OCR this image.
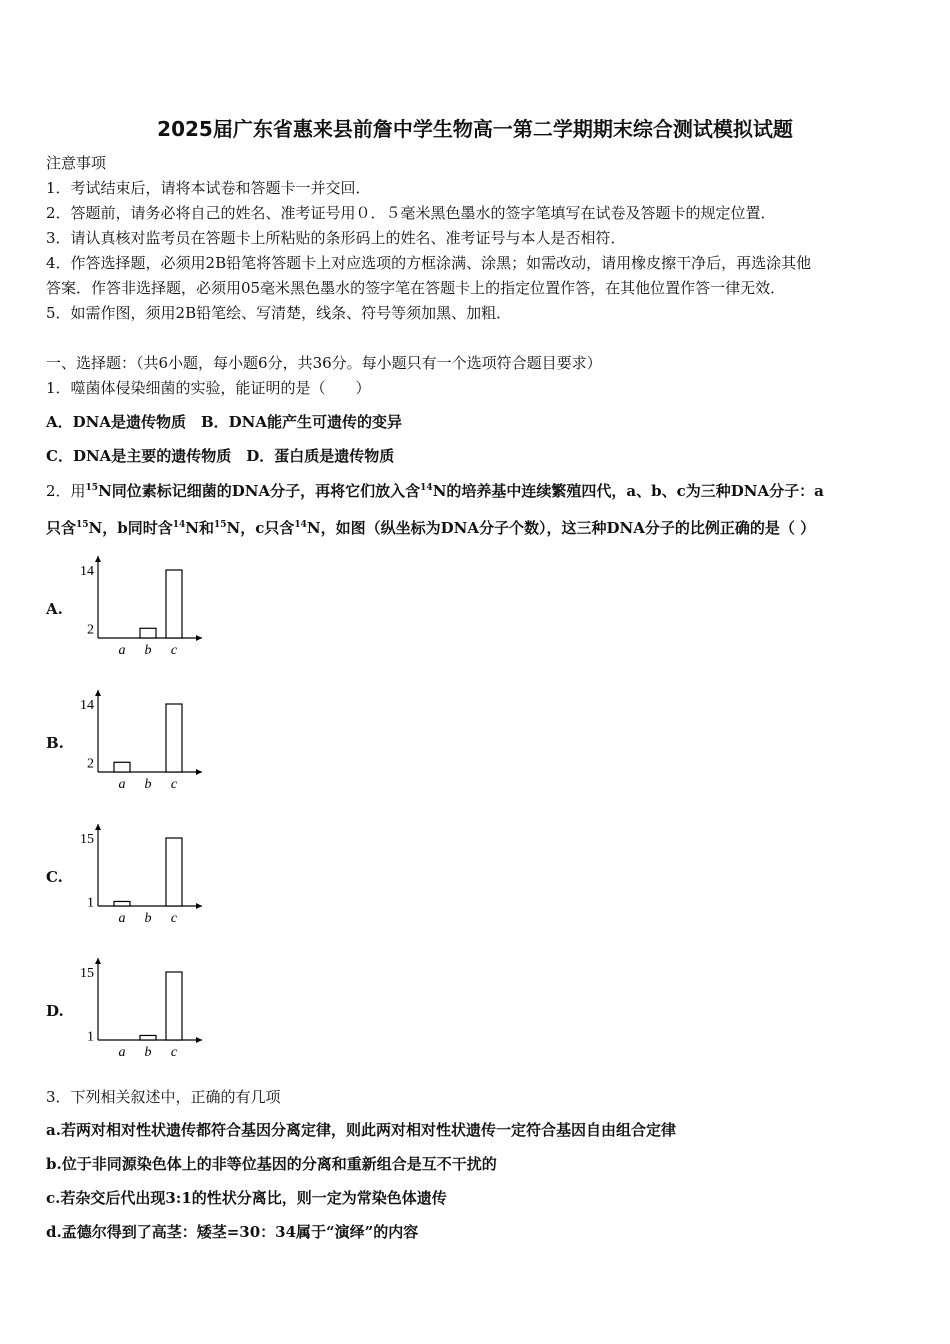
2025届广东省惠来县前詹中学生物高一第二学期期末综合测试模拟试题
注意事项
1．考试结束后，请将本试卷和答题卡一并交回．
2．答题前，请务必将自己的姓名、准考证号用０．５毫米黑色墨水的签字笔填写在试卷及答题卡的规定位置．
3．请认真核对监考员在答题卡上所粘贴的条形码上的姓名、准考证号与本人是否相符．
4．作答选择题，必须用2B铅笔将答题卡上对应选项的方框涂满、涂黑；如需改动，请用橡皮擦干净后，再选涂其他
答案．作答非选择题，必须用05毫米黑色墨水的签字笔在答题卡上的指定位置作答，在其他位置作答一律无效．
5．如需作图，须用2B铅笔绘、写清楚，线条、符号等须加黑、加粗．
一、选择题：（共6小题，每小题6分，共36分。每小题只有一个选项符合题目要求）
1．噬菌体侵染细菌的实验，能证明的是（　　）
A．DNA是遗传物质　B．DNA能产生可遗传的变异
C．DNA是主要的遗传物质　D．蛋白质是遗传物质
2．用$^{15}$N同位素标记细菌的DNA分子，再将它们放入含$^{14}$N的培养基中连续繁殖四代，a、b、c为三种DNA分子：a
只含$^{15}$N，b同时含$^{14}$N和$^{15}$N，c只含$^{14}$N，如图（纵坐标为DNA分子个数），这三种DNA分子的比例正确的是（ ）
A.
B.
C.
D.
a b c
14
2
a b c
14
2
a b c
15
1
a b c
15
1
3．下列相关叙述中，正确的有几项
a.若两对相对性状遗传都符合基因分离定律，则此两对相对性状遗传一定符合基因自由组合定律
b.位于非同源染色体上的非等位基因的分离和重新组合是互不干扰的
c.若杂交后代出现3:1的性状分离比，则一定为常染色体遗传
d.孟德尔得到了高茎：矮茎=30：34属于“演绎”的内容
